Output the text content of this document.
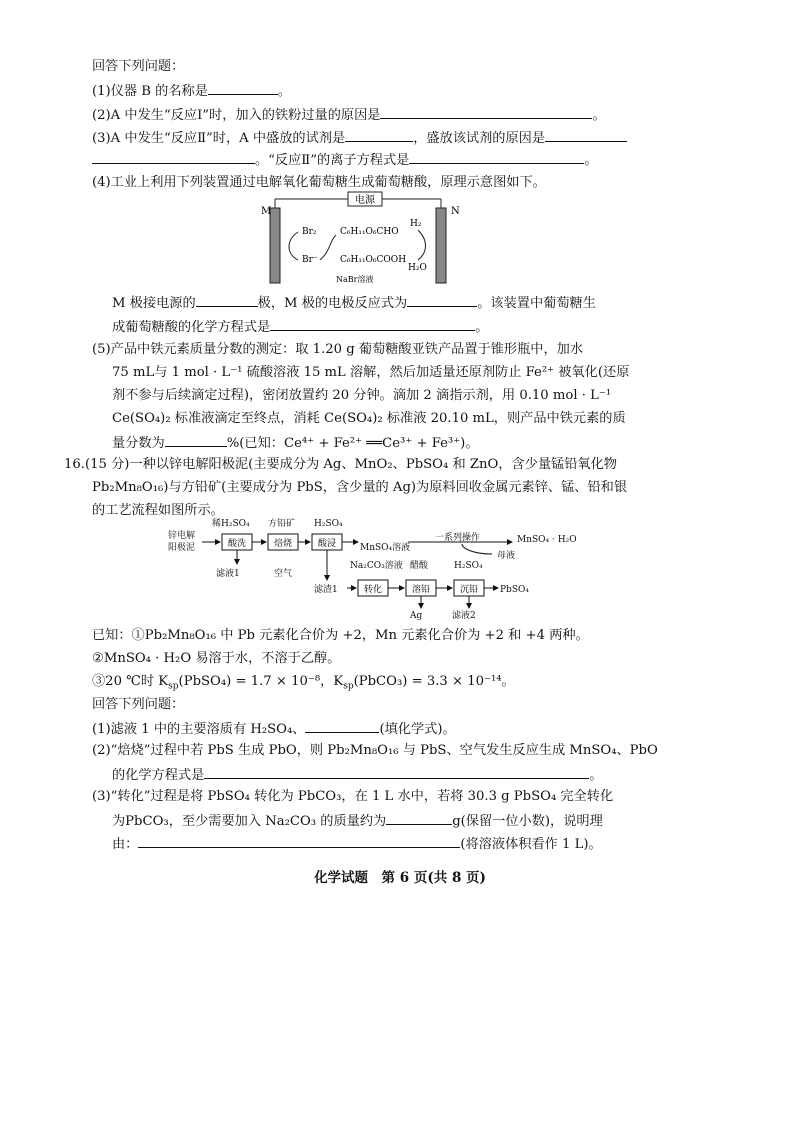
回答下列问题：
(1)仪器 B 的名称是	。
(2)A 中发生“反应Ⅰ”时，加入的铁粉过量的原因是	。
(3)A 中发生“反应Ⅱ”时，A 中盛放的试剂是	，盛放该试剂的原因是
。“反应Ⅱ”的离子方程式是	。
(4)工业上利用下列装置通过电解氧化葡萄糖生成葡萄糖酸，原理示意图如下。
电源
M	N
Br₂
Br⁻
C₆H₁₁O₆CHO
C₆H₁₁O₆COOH
H₂
H₂O
NaBr溶液
M 极接电源的	极，M 极的电极反应式为	。该装置中葡萄糖生
成葡萄糖酸的化学方程式是	。
(5)产品中铁元素质量分数的测定：取 1.20 g 葡萄糖酸亚铁产品置于锥形瓶中，加水
75 mL与 1 mol · L⁻¹ 硫酸溶液 15 mL 溶解，然后加适量还原剂防止 Fe²⁺ 被氧化(还原
剂不参与后续滴定过程)，密闭放置约 20 分钟。滴加 2 滴指示剂，用 0.10 mol · L⁻¹
Ce(SO₄)₂ 标准液滴定至终点，消耗 Ce(SO₄)₂ 标准液 20.10 mL，则产品中铁元素的质
量分数为	%(已知：Ce⁴⁺ + Fe²⁺ ══Ce³⁺ + Fe³⁺)。
16.(15 分)一种以锌电解阳极泥(主要成分为 Ag、MnO₂、PbSO₄ 和 ZnO，含少量锰铅氧化物
Pb₂Mn₈O₁₆)与方铅矿(主要成分为 PbS，含少量的 Ag)为原料回收金属元素锌、锰、铅和银
的工艺流程如图所示。
锌电解
阳极泥
稀H₂SO₄ 方铅矿 H₂SO₄
MnSO₄溶液
一系列操作	MnSO₄ · H₂O
母液
滤液1	空气
Na₂CO₃溶液 醋酸	H₂SO₄
滤渣1	PbSO₄
Ag	滤液2
酸洗	焙烧	酸浸
转化	溶铅	沉铅
已知：①Pb₂Mn₈O₁₆ 中 Pb 元素化合价为 +2，Mn 元素化合价为 +2 和 +4 两种。
②MnSO₄ · H₂O 易溶于水，不溶于乙醇。
③20 ℃时 $K_{sp}(PbSO_4) = 1.7 \times 10^{-8}$，$K_{sp}(PbCO_3) = 3.3 \times 10^{-14}$。
回答下列问题：
(1)滤液 1 中的主要溶质有 H₂SO₄、	(填化学式)。
(2)“焙烧”过程中若 PbS 生成 PbO，则 Pb₂Mn₈O₁₆ 与 PbS、空气发生反应生成 MnSO₄、PbO
的化学方程式是	。
(3)“转化”过程是将 PbSO₄ 转化为 PbCO₃，在 1 L 水中，若将 30.3 g PbSO₄ 完全转化
为PbCO₃，至少需要加入 Na₂CO₃ 的质量约为	g(保留一位小数)，说明理
由：	(将溶液体积看作 1 L)。
化学试题　第 6 页(共 8 页)
